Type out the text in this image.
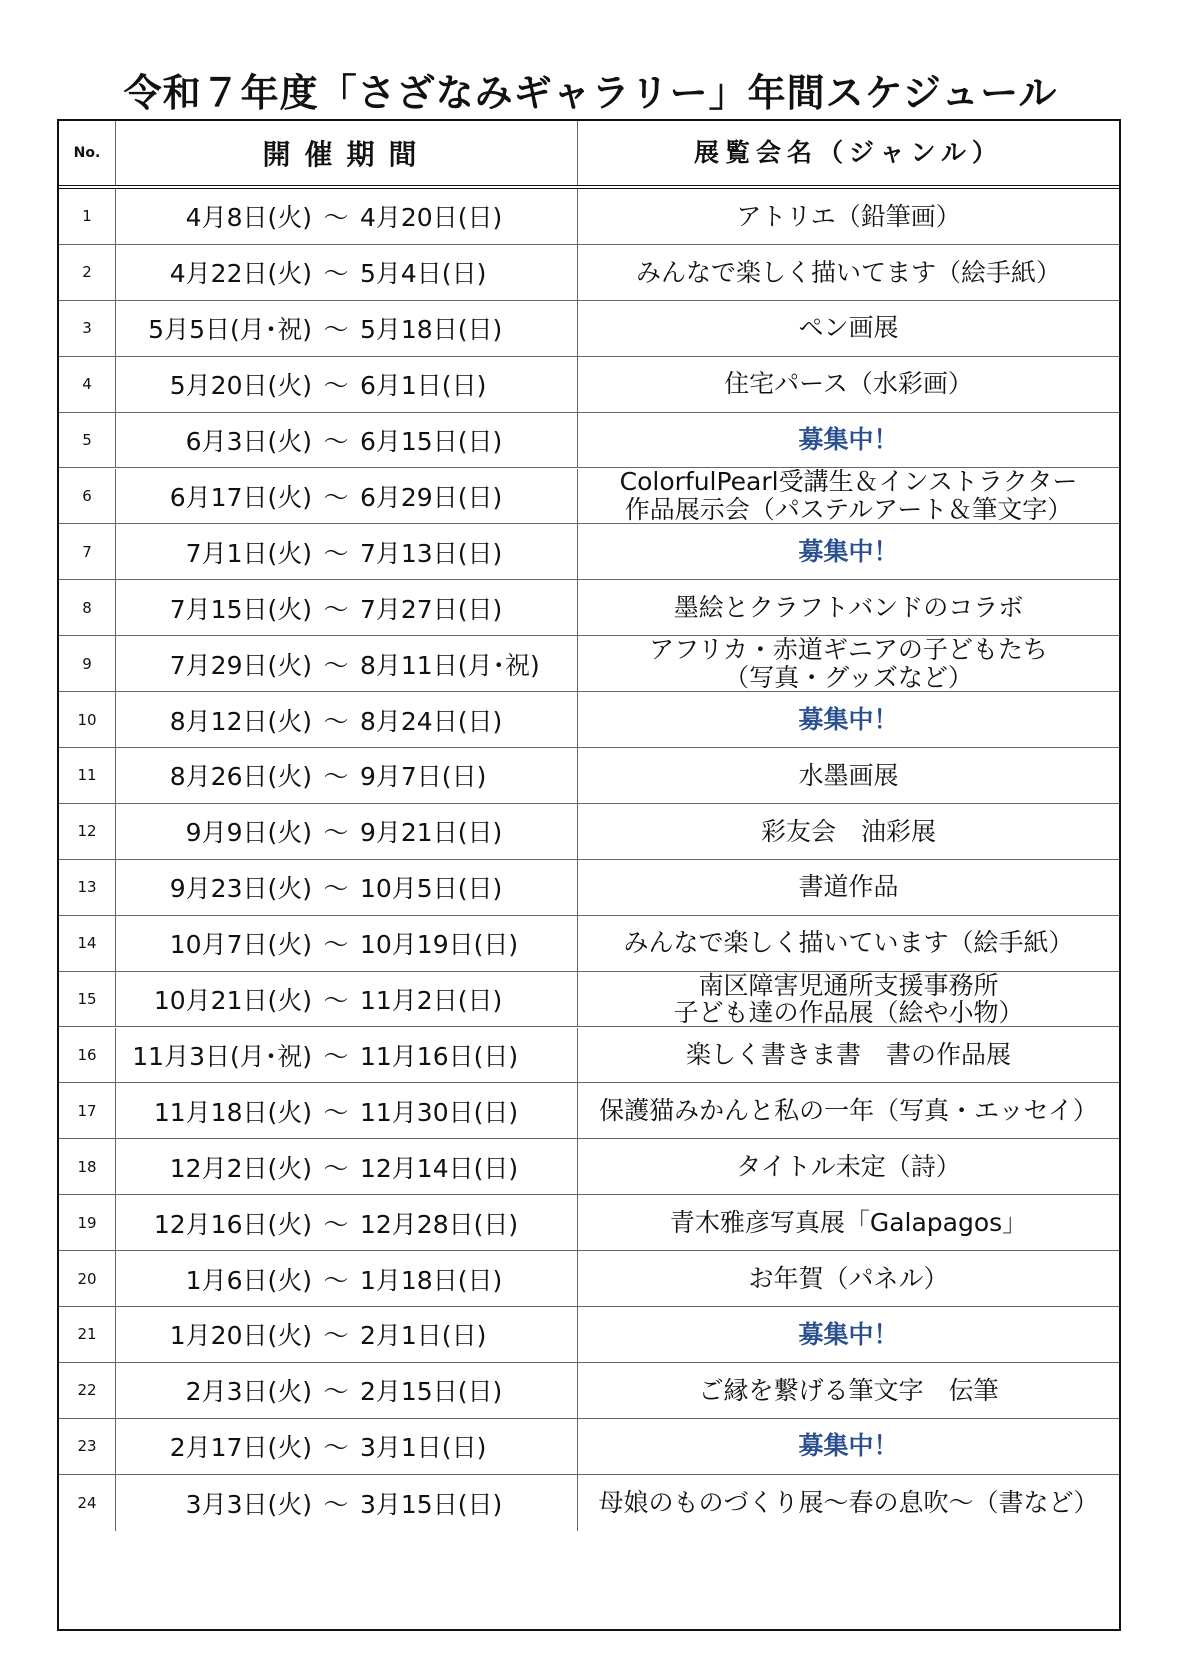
令和７年度「さざなみギャラリー」年間スケジュール
No.	開催期間	展覧会名（ジャンル）
1	4月8日(火) ～ 4月20日(日)	アトリエ（鉛筆画）
2	4月22日(火) ～ 5月4日(日)	みんなで楽しく描いてます（絵手紙）
3	5月5日(月･祝) ～ 5月18日(日)	ペン画展
4	5月20日(火) ～ 6月1日(日)	住宅パース（水彩画）
5	6月3日(火) ～ 6月15日(日)	募集中！
6	6月17日(火) ～ 6月29日(日)
ColorfulPearl受講生＆インストラクター
作品展示会（パステルアート＆筆文字）
7	7月1日(火) ～ 7月13日(日)	募集中！
8	7月15日(火) ～ 7月27日(日)	墨絵とクラフトバンドのコラボ
9	7月29日(火) ～ 8月11日(月･祝)
アフリカ・赤道ギニアの子どもたち
（写真・グッズなど）
10	8月12日(火) ～ 8月24日(日)	募集中！
11	8月26日(火) ～ 9月7日(日)	水墨画展
12	9月9日(火) ～ 9月21日(日)	彩友会　油彩展
13	9月23日(火) ～ 10月5日(日)	書道作品
14	10月7日(火) ～ 10月19日(日)	みんなで楽しく描いています（絵手紙）
15	10月21日(火) ～ 11月2日(日)
南区障害児通所支援事務所
子ども達の作品展（絵や小物）
16	11月3日(月･祝) ～ 11月16日(日)	楽しく書きま書　書の作品展
17	11月18日(火) ～ 11月30日(日)	保護猫みかんと私の一年（写真・エッセイ）
18	12月2日(火) ～ 12月14日(日)	タイトル未定（詩）
19	12月16日(火) ～ 12月28日(日)	青木雅彦写真展「Galapagos」
20	1月6日(火) ～ 1月18日(日)	お年賀（パネル）
21	1月20日(火) ～ 2月1日(日)	募集中！
22	2月3日(火) ～ 2月15日(日)	ご縁を繋げる筆文字　伝筆
23	2月17日(火) ～ 3月1日(日)	募集中！
24	3月3日(火) ～ 3月15日(日)	母娘のものづくり展～春の息吹～（書など）
